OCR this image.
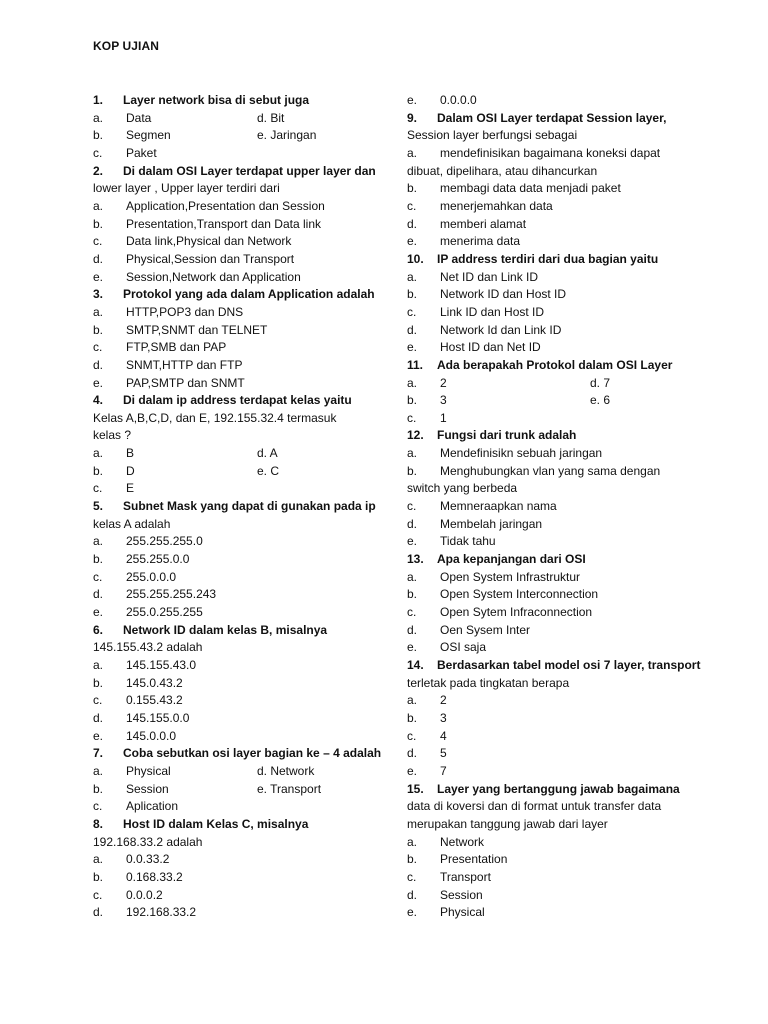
KOP UJIAN
1. Layer network bisa di sebut juga
a. Data	d. Bit
b. Segmen	e. Jaringan
c. Paket
2. Di dalam OSI Layer terdapat upper layer dan
lower layer , Upper layer terdiri dari
a. Application,Presentation dan Session
b. Presentation,Transport dan Data link
c. Data link,Physical dan Network
d. Physical,Session dan Transport
e. Session,Network dan Application
3. Protokol yang ada dalam Application adalah
a. HTTP,POP3 dan DNS
b. SMTP,SNMT dan TELNET
c. FTP,SMB dan PAP
d. SNMT,HTTP dan FTP
e. PAP,SMTP dan SNMT
4. Di dalam ip address terdapat kelas yaitu
Kelas A,B,C,D, dan E, 192.155.32.4 termasuk
kelas ?
a. B	d. A
b. D	e. C
c. E
5. Subnet Mask yang dapat di gunakan pada ip
kelas A adalah
a. 255.255.255.0
b. 255.255.0.0
c. 255.0.0.0
d. 255.255.255.243
e. 255.0.255.255
6. Network ID dalam kelas B, misalnya
145.155.43.2 adalah
a. 145.155.43.0
b. 145.0.43.2
c. 0.155.43.2
d. 145.155.0.0
e. 145.0.0.0
7. Coba sebutkan osi layer bagian ke – 4 adalah
a. Physical	d. Network
b. Session	e. Transport
c. Aplication
8. Host ID dalam Kelas C, misalnya
192.168.33.2 adalah
a. 0.0.33.2
b. 0.168.33.2
c. 0.0.0.2
d. 192.168.33.2
e. 0.0.0.0
9. Dalam OSI Layer terdapat Session layer,
Session layer berfungsi sebagai
a. mendefinisikan bagaimana koneksi dapat
dibuat, dipelihara, atau dihancurkan
b. membagi data data menjadi paket
c. menerjemahkan data
d. memberi alamat
e. menerima data
10. IP address terdiri dari dua bagian yaitu
a. Net ID dan Link ID
b. Network ID dan Host ID
c. Link ID dan Host ID
d. Network Id dan Link ID
e. Host ID dan Net ID
11. Ada berapakah Protokol dalam OSI Layer
a. 2	d. 7
b. 3	e. 6
c. 1
12. Fungsi dari trunk adalah
a. Mendefinisikn sebuah jaringan
b. Menghubungkan vlan yang sama dengan
switch yang berbeda
c. Memneraapkan nama
d. Membelah jaringan
e. Tidak tahu
13. Apa kepanjangan dari OSI
a. Open System Infrastruktur
b. Open System Interconnection
c. Open Sytem Infraconnection
d. Oen Sysem Inter
e. OSI saja
14. Berdasarkan tabel model osi 7 layer, transport
terletak pada tingkatan berapa
a. 2
b. 3
c. 4
d. 5
e. 7
15. Layer yang bertanggung jawab bagaimana
data di koversi dan di format untuk transfer data
merupakan tanggung jawab dari layer
a. Network
b. Presentation
c. Transport
d. Session
e. Physical
